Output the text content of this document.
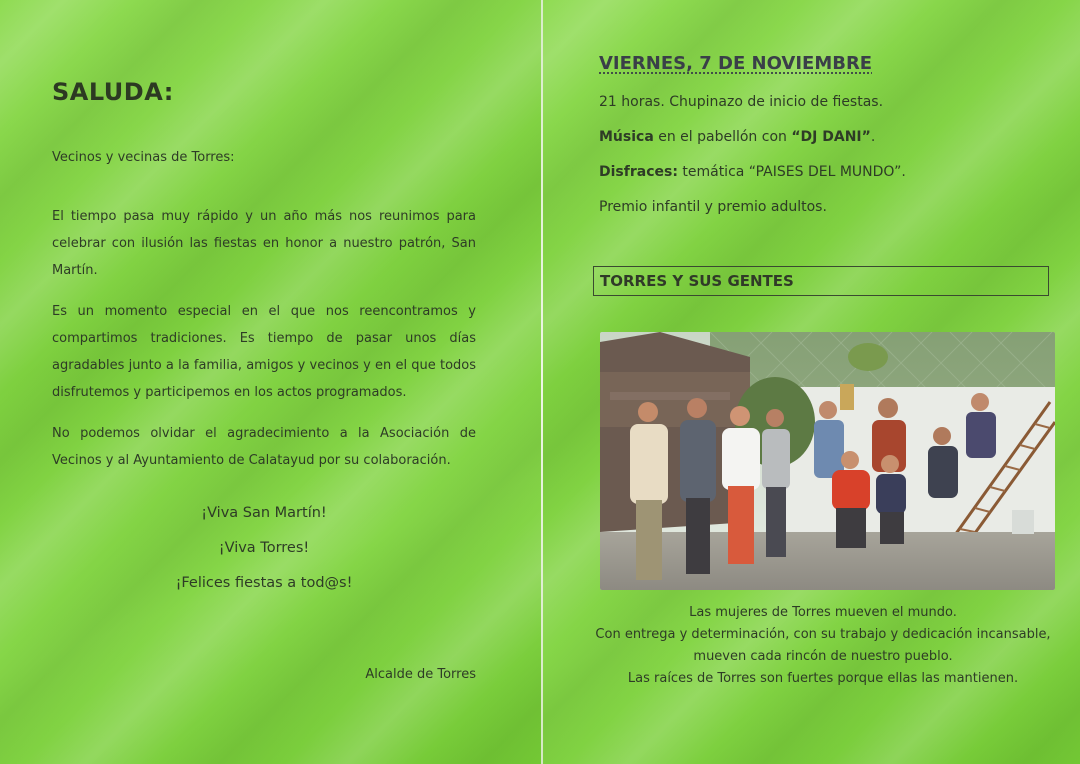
SALUDA:
Vecinos y vecinas de Torres:

El tiempo pasa muy rápido y un año más nos reunimos para celebrar con ilusión las fiestas en honor a nuestro patrón, San Martín.

Es un momento especial en el que nos reencontramos y compartimos tradiciones. Es tiempo de pasar unos días agradables junto a la familia, amigos y vecinos y en el que todos disfrutemos y participemos en los actos programados.

No podemos olvidar el agradecimiento a la Asociación de Vecinos y al Ayuntamiento de Calatayud por su colaboración.

¡Viva San Martín!
¡Viva Torres!
¡Felices fiestas a tod@s!
Alcalde de Torres
VIERNES, 7 DE NOVIEMBRE
21 horas. Chupinazo de inicio de fiestas.
Música en el pabellón con “DJ DANI”.
Disfraces: temática “PAISES DEL MUNDO”.
Premio infantil y premio adultos.
TORRES Y SUS GENTES
Las mujeres de Torres mueven el mundo.
Con entrega y determinación, con su trabajo y dedicación incansable,
mueven cada rincón de nuestro pueblo.
Las raíces de Torres son fuertes porque ellas las mantienen.
